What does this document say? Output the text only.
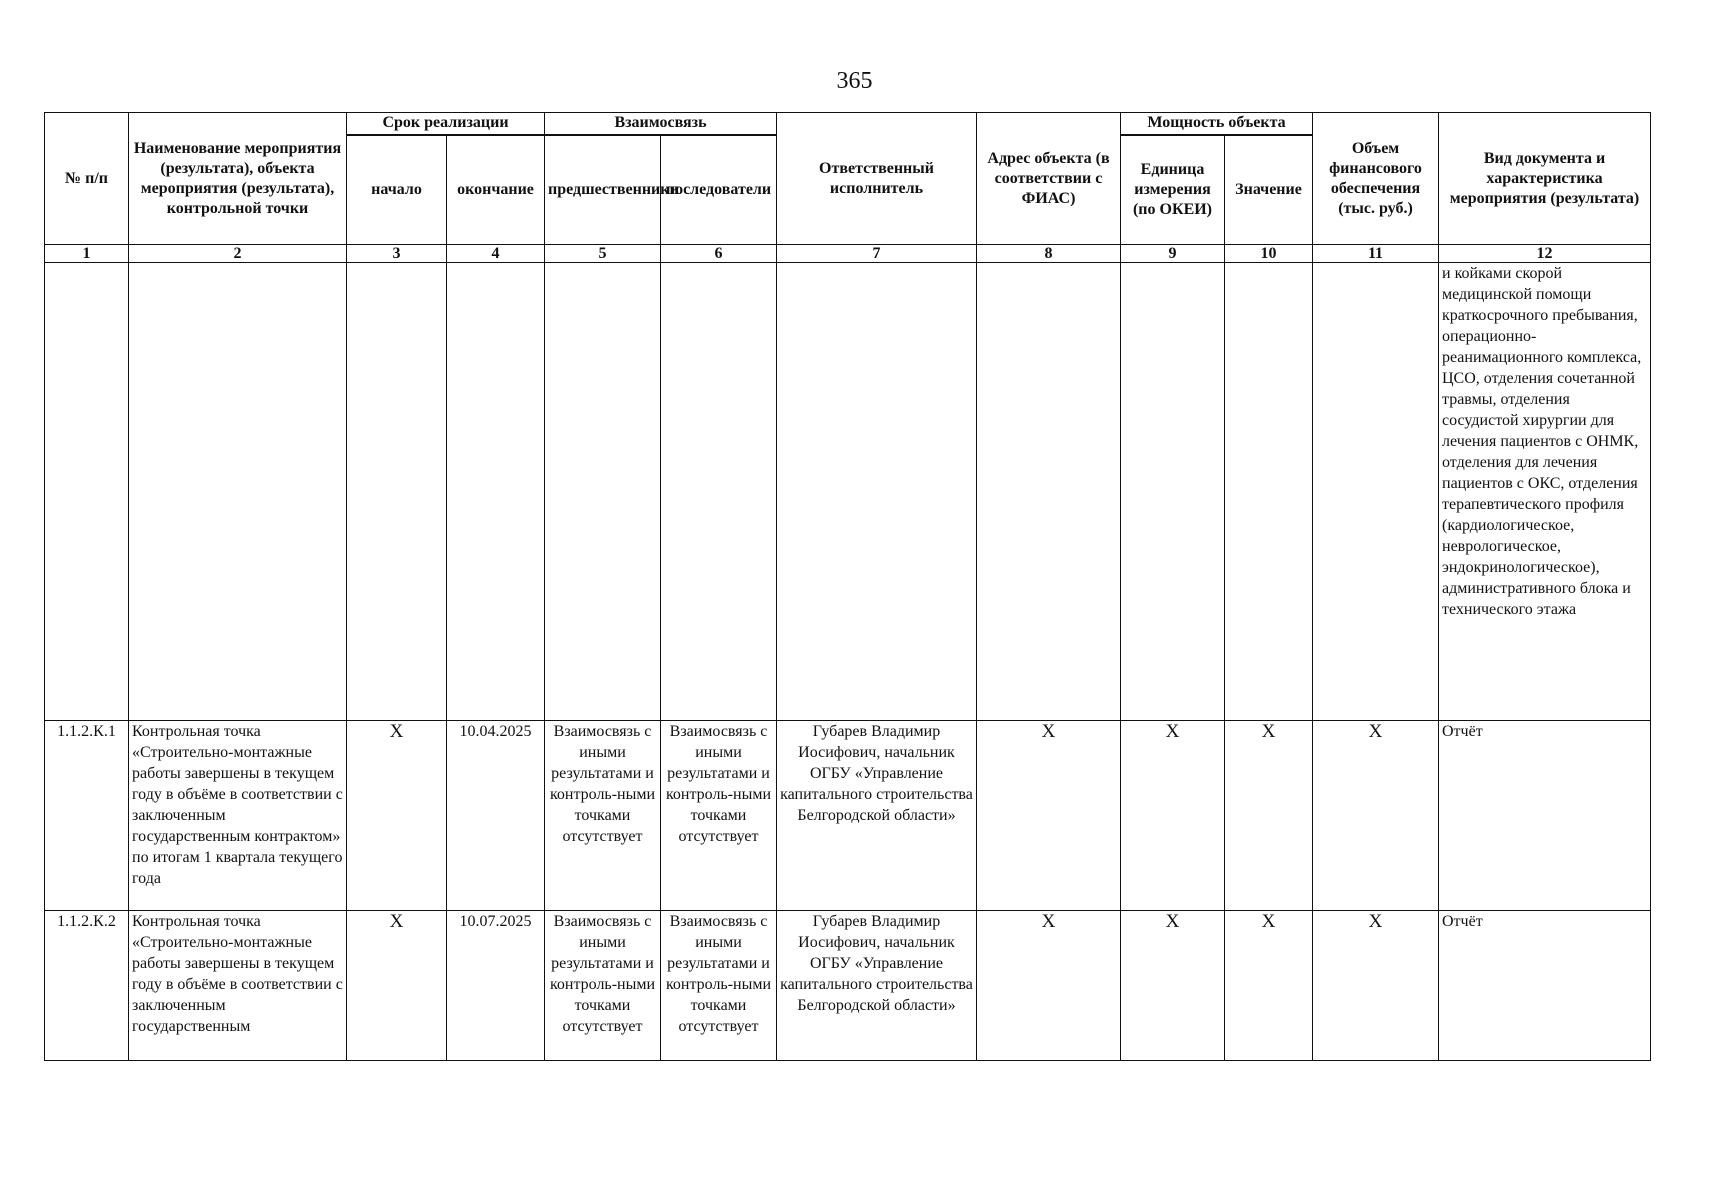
365
№ п/п	Наименование мероприятия (результата), объекта мероприятия (результата), контрольной точки	Срок реализации		Взаимосвязь		Ответственный исполнитель	Адрес объекта (в соответствии с ФИАС)	Мощность объекта		Объем финансового обеспечения (тыс. руб.)	Вид документа и характеристика мероприятия (результата)
		начало	окончание	предшественники	последователи			Единица измерения (по ОКЕИ)	Значение		
1	2	3	4	5	6	7	8	9	10	11	12
											и койками скорой медицинской помощи краткосрочного пребывания, операционно-реанимационного комплекса, ЦСО, отделения сочетанной травмы, отделения сосудистой хирургии для лечения пациентов с ОНМК, отделения для лечения пациентов с ОКС, отделения терапевтического профиля (кардиологическое, неврологическое, эндокринологическое), административного блока и технического этажа
1.1.2.К.1	Контрольная точка «Строительно-монтажные работы завершены в текущем году в объёме в соответствии с заключенным государственным контрактом» по итогам 1 квартала текущего года	Х	10.04.2025	Взаимосвязь с иными результатами и контроль-ными точками отсутствует	Взаимосвязь с иными результатами и контроль-ными точками отсутствует	Губарев Владимир Иосифович, начальник ОГБУ «Управление капитального строительства Белгородской области»	Х	Х	Х	Х	Отчёт
1.1.2.К.2	Контрольная точка «Строительно-монтажные работы завершены в текущем году в объёме в соответствии с заключенным государственным	Х	10.07.2025	Взаимосвязь с иными результатами и контроль-ными точками отсутствует	Взаимосвязь с иными результатами и контроль-ными точками отсутствует	Губарев Владимир Иосифович, начальник ОГБУ «Управление капитального строительства Белгородской области»	Х	Х	Х	Х	Отчёт
